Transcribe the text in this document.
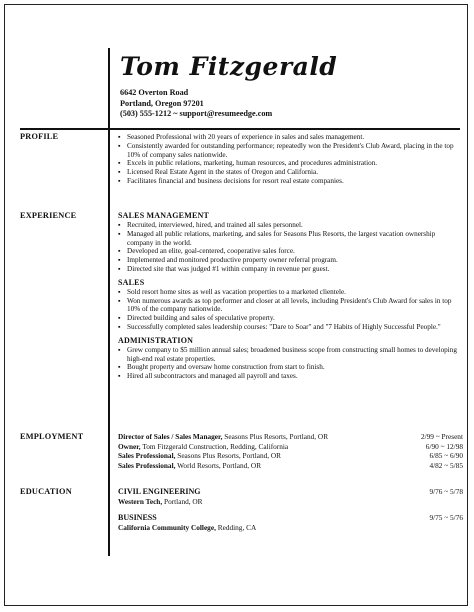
Tom Fitzgerald
6642 Overton Road
Portland, Oregon 97201
(503) 555-1212 ~ support@resumeedge.com
PROFILE
▪	Seasoned Professional with 20 years of experience in sales and sales management.
▪ Consistently awarded for outstanding performance; repeatedly won the President's Club Award, placing in the top 10% of company sales nationwide.
▪ Excels in public relations, marketing, human resources, and procedures administration.
▪ Licensed Real Estate Agent in the states of Oregon and California.
▪ Facilitates financial and business decisions for resort real estate companies.
EXPERIENCE	SALES MANAGEMENT
▪ Recruited, interviewed, hired, and trained all sales personnel.
▪ Managed all public relations, marketing, and sales for Seasons Plus Resorts, the largest vacation ownership company in the world.
▪ Developed an elite, goal-centered, cooperative sales force.
▪ Implemented and monitored productive property owner referral program.
▪ Directed site that was judged #1 within company in revenue per guest.
SALES
▪ Sold resort home sites as well as vacation properties to a marketed clientele.
▪ Won numerous awards as top performer and closer at all levels, including President's Club Award for sales in top 10% of the company nationwide.
▪ Directed building and sales of speculative property.
▪ Successfully completed sales leadership courses: "Dare to Soar" and "7 Habits of Highly Successful People."
ADMINISTRATION
▪ Grew company to $5 million annual sales; broadened business scope from constructing small homes to developing high-end real estate properties.
▪ Bought property and oversaw home construction from start to finish.
▪ Hired all subcontractors and managed all payroll and taxes.
EMPLOYMENT	Director of Sales / Sales Manager, Seasons Plus Resorts, Portland, OR	2/99 ~ Present
Owner, Tom Fitzgerald Construction, Redding, California	6/90 ~ 12/98
Sales Professional, Seasons Plus Resorts, Portland, OR	6/85 ~ 6/90
Sales Professional, World Resorts, Portland, OR	4/82 ~ 5/85
EDUCATION	CIVIL ENGINEERING	9/76 ~ 5/78
Western Tech, Portland, OR
BUSINESS	9/75 ~ 5/76
California Community College, Redding, CA
